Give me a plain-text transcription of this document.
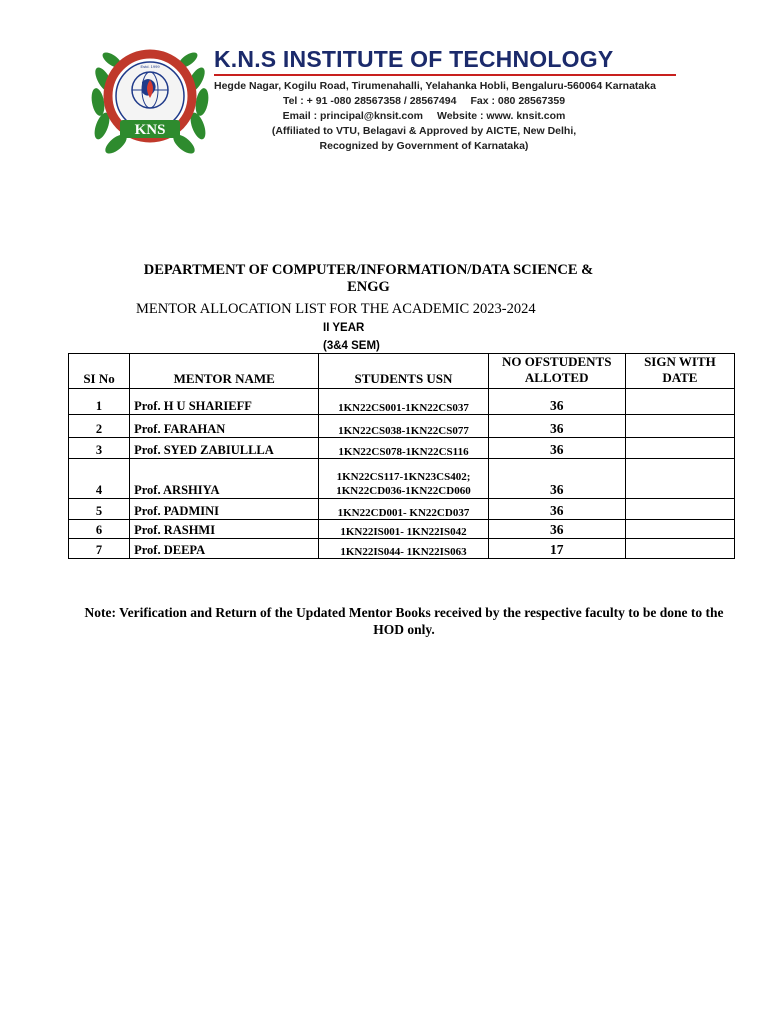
KNS
Estd. 1999 K.N.S INSTITUTE OF TECHNOLOGY
Hegde Nagar, Kogilu Road, Tirumenahalli, Yelahanka Hobli, Bengaluru-560064 Karnataka
Tel : + 91 -080 28567358 / 28567494 Fax : 080 28567359
Email : principal@knsit.com Website : www. knsit.com
(Affiliated to VTU, Belagavi & Approved by AICTE, New Delhi,
Recognized by Government of Karnataka)
DEPARTMENT OF COMPUTER/INFORMATION/DATA SCIENCE & ENGG
MENTOR ALLOCATION LIST FOR THE ACADEMIC 2023-2024
II YEAR
(3&4 SEM)
SI No	MENTOR NAME	STUDENTS USN	NO OFSTUDENTS ALLOTED	SIGN WITH DATE
1	Prof. H U SHARIEFF	1KN22CS001-1KN22CS037	36	
2	Prof. FARAHAN	1KN22CS038-1KN22CS077	36	
3	Prof. SYED ZABIULLLA	1KN22CS078-1KN22CS116	36	
4	Prof. ARSHIYA	1KN22CS117-1KN23CS402;
1KN22CD036-1KN22CD060	36	
5	Prof. PADMINI	1KN22CD001- KN22CD037	36	
6	Prof. RASHMI	1KN22IS001- 1KN22IS042	36	
7	Prof. DEEPA	1KN22IS044- 1KN22IS063	17	
Note: Verification and Return of the Updated Mentor Books received by the respective faculty to be done to the HOD only.
